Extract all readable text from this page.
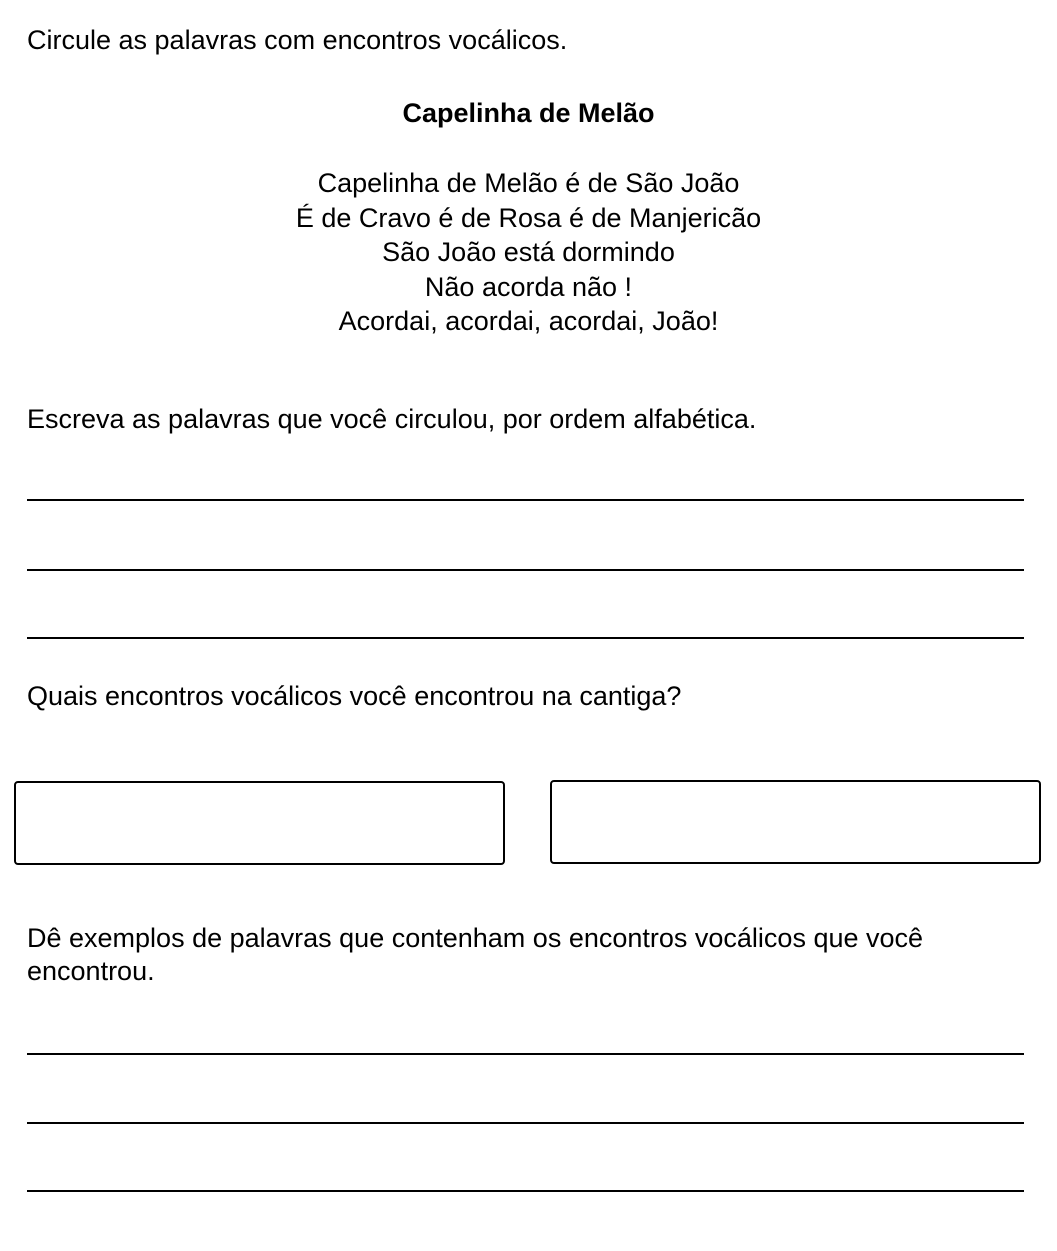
Circule as palavras com encontros vocálicos.
Capelinha de Melão
Capelinha de Melão é de São João
É de Cravo é de Rosa é de Manjericão
São João está dormindo
Não acorda não !
Acordai, acordai, acordai, João!
Escreva as palavras que você circulou, por ordem alfabética.
Quais encontros vocálicos você encontrou na cantiga?
Dê exemplos de palavras que contenham os encontros vocálicos que você encontrou.
